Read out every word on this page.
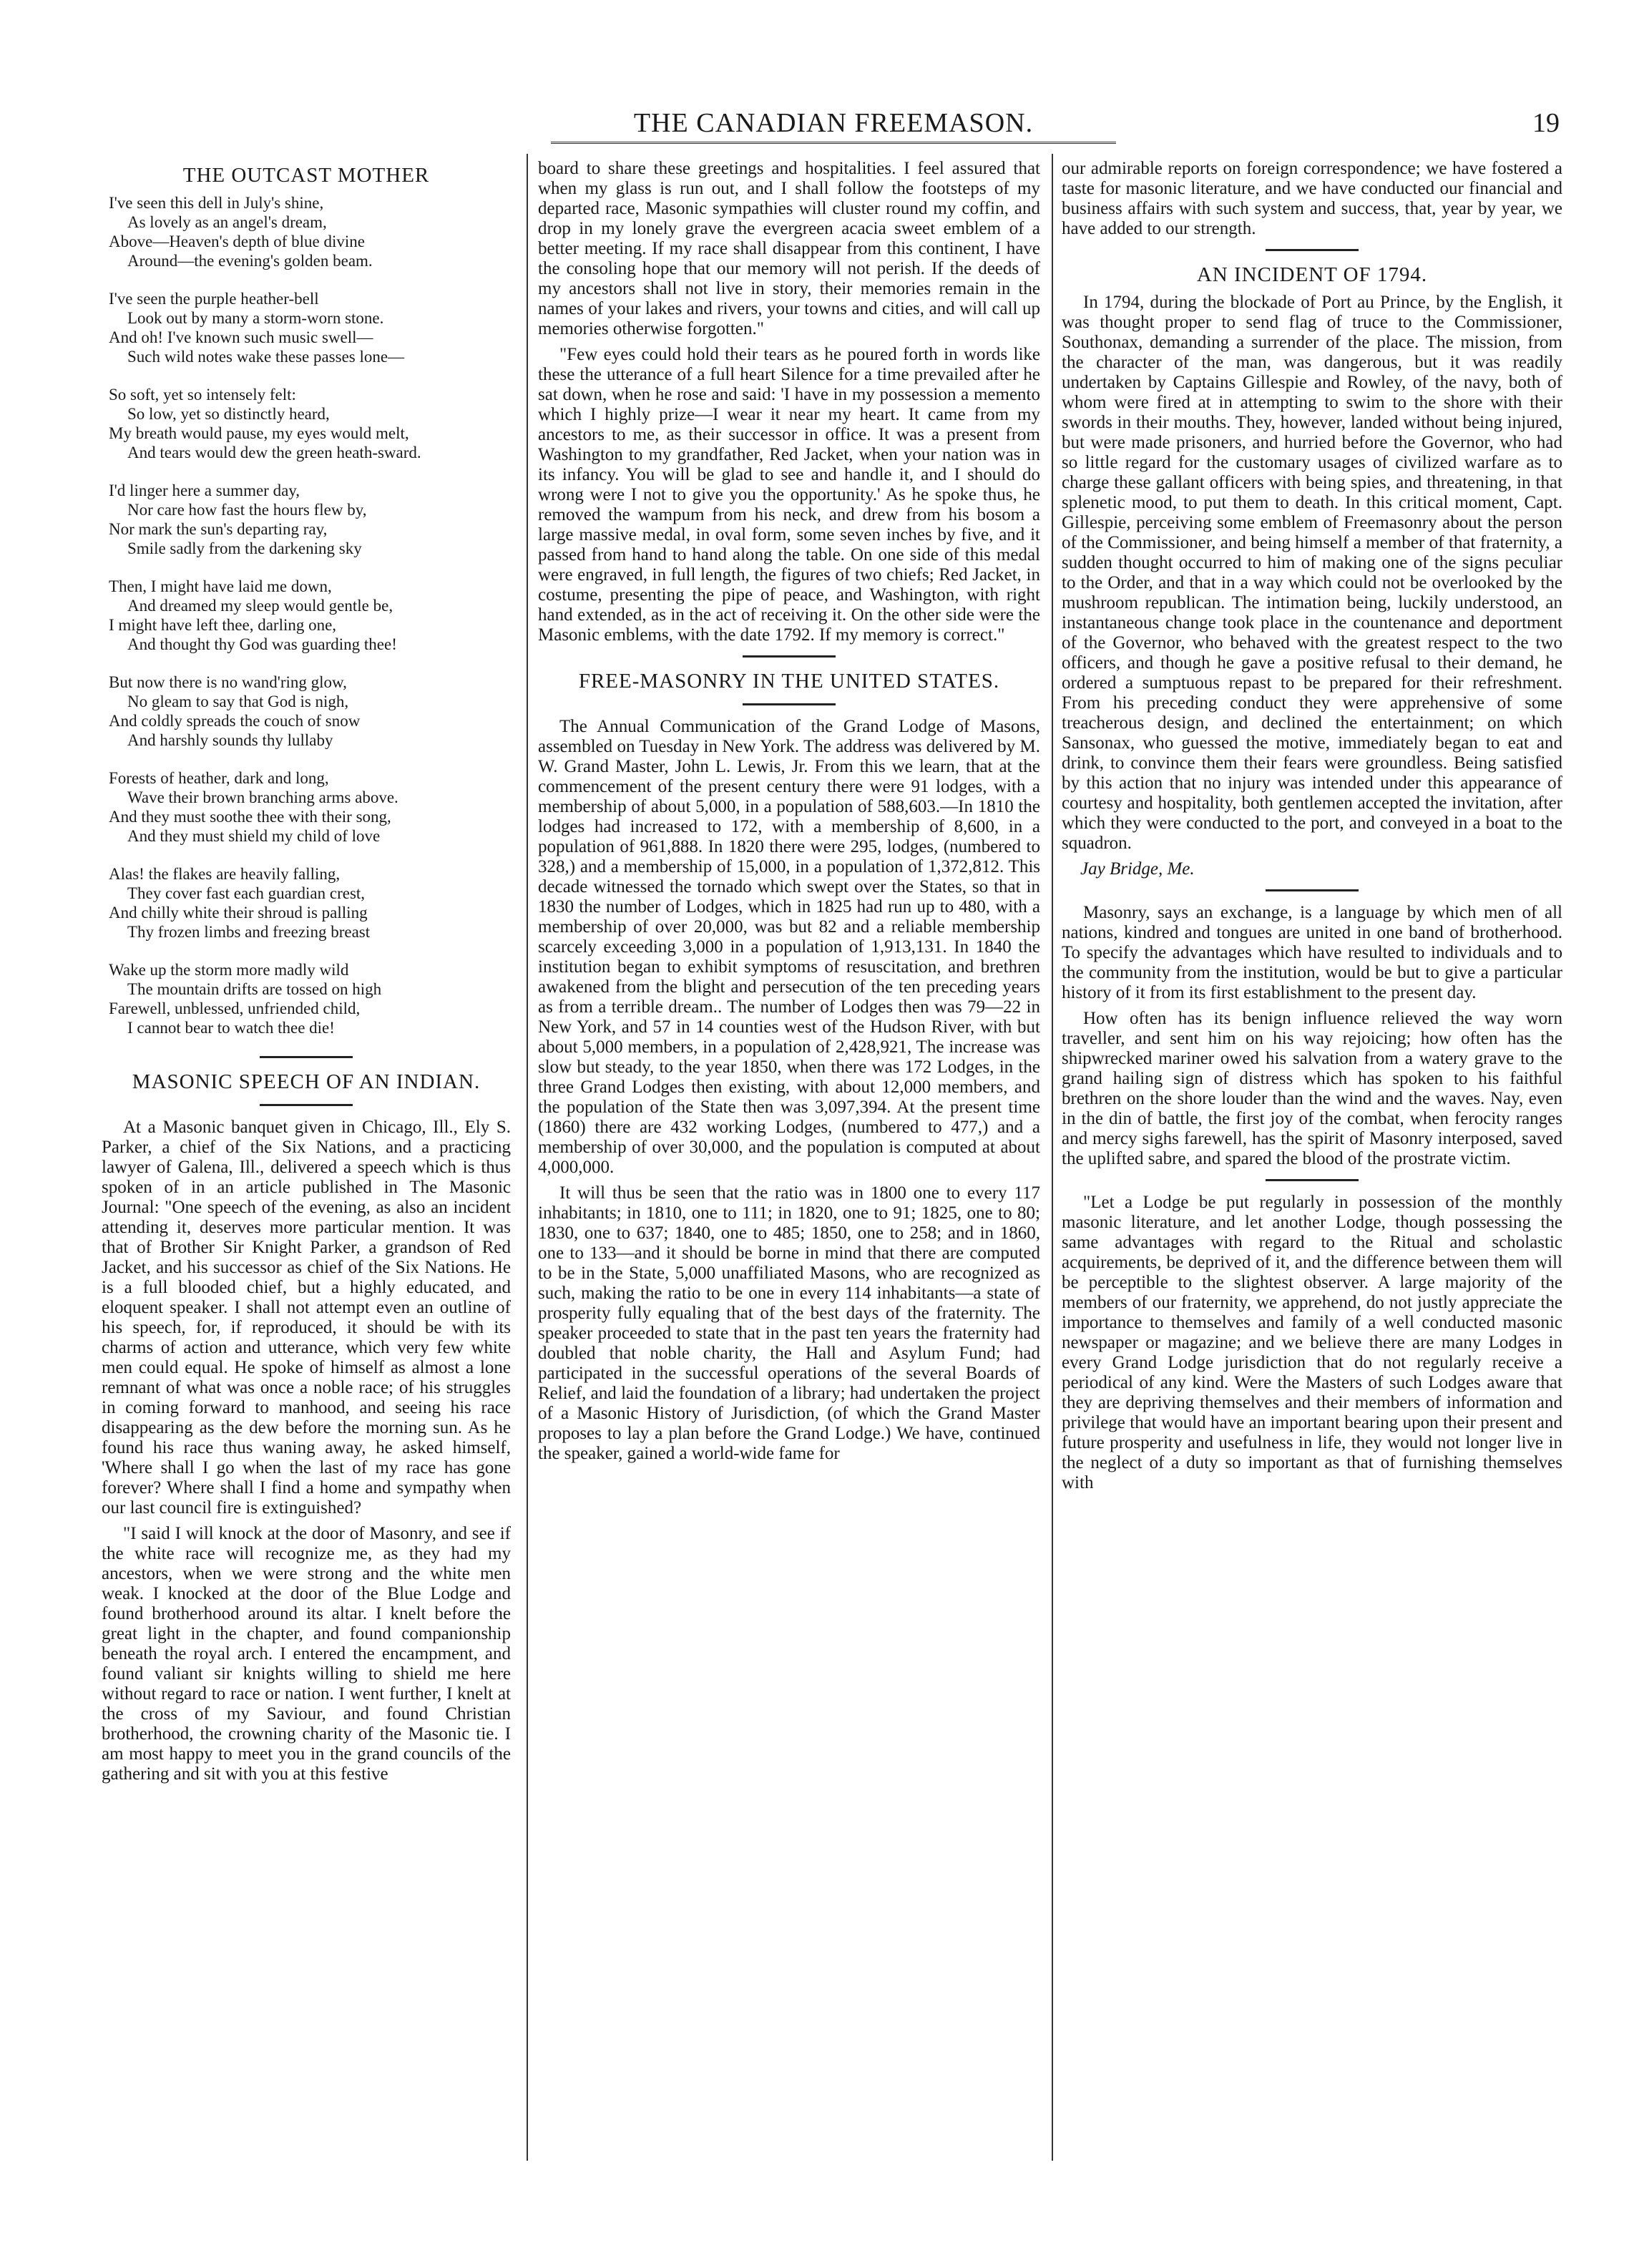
THE CANADIAN FREEMASON.	19
THE OUTCAST MOTHER
I've seen this dell in July's shine,
As lovely as an angel's dream,
Above—Heaven's depth of blue divine
Around—the evening's golden beam.
I've seen the purple heather-bell
Look out by many a storm-worn stone.
And oh! I've known such music swell—
Such wild notes wake these passes lone—
So soft, yet so intensely felt:
So low, yet so distinctly heard,
My breath would pause, my eyes would melt,
And tears would dew the green heath-sward.
I'd linger here a summer day,
Nor care how fast the hours flew by,
Nor mark the sun's departing ray,
Smile sadly from the darkening sky
Then, I might have laid me down,
And dreamed my sleep would gentle be,
I might have left thee, darling one,
And thought thy God was guarding thee!
But now there is no wand'ring glow,
No gleam to say that God is nigh,
And coldly spreads the couch of snow
And harshly sounds thy lullaby
Forests of heather, dark and long,
Wave their brown branching arms above.
And they must soothe thee with their song,
And they must shield my child of love
Alas! the flakes are heavily falling,
They cover fast each guardian crest,
And chilly white their shroud is palling
Thy frozen limbs and freezing breast
Wake up the storm more madly wild
The mountain drifts are tossed on high
Farewell, unblessed, unfriended child,
I cannot bear to watch thee die!
MASONIC SPEECH OF AN INDIAN.

At a Masonic banquet given in Chicago, Ill., Ely S. Parker, a chief of the Six Nations, and a practicing lawyer of Galena, Ill., delivered a speech which is thus spoken of in an article published in The Masonic Journal: "One speech of the evening, as also an incident attending it, deserves more particular mention. It was that of Brother Sir Knight Parker, a grandson of Red Jacket, and his successor as chief of the Six Nations. He is a full blooded chief, but a highly educated, and eloquent speaker. I shall not attempt even an outline of his speech, for, if reproduced, it should be with its charms of action and utterance, which very few white men could equal. He spoke of himself as almost a lone remnant of what was once a noble race; of his struggles in coming forward to manhood, and seeing his race disappearing as the dew before the morning sun. As he found his race thus waning away, he asked himself, 'Where shall I go when the last of my race has gone forever? Where shall I find a home and sympathy when our last council fire is extinguished?

"I said I will knock at the door of Masonry, and see if the white race will recognize me, as they had my ancestors, when we were strong and the white men weak. I knocked at the door of the Blue Lodge and found brotherhood around its altar. I knelt before the great light in the chapter, and found companionship beneath the royal arch. I entered the encampment, and found valiant sir knights willing to shield me here without regard to race or nation. I went further, I knelt at the cross of my Saviour, and found Christian brotherhood, the crowning charity of the Masonic tie. I am most happy to meet you in the grand councils of the gathering and sit with you at this festive

board to share these greetings and hospitalities. I feel assured that when my glass is run out, and I shall follow the footsteps of my departed race, Masonic sympathies will cluster round my coffin, and drop in my lonely grave the evergreen acacia sweet emblem of a better meeting. If my race shall disappear from this continent, I have the consoling hope that our memory will not perish. If the deeds of my ancestors shall not live in story, their memories remain in the names of your lakes and rivers, your towns and cities, and will call up memories otherwise forgotten."

"Few eyes could hold their tears as he poured forth in words like these the utterance of a full heart Silence for a time prevailed after he sat down, when he rose and said: 'I have in my possession a memento which I highly prize—I wear it near my heart. It came from my ancestors to me, as their successor in office. It was a present from Washington to my grandfather, Red Jacket, when your nation was in its infancy. You will be glad to see and handle it, and I should do wrong were I not to give you the opportunity.' As he spoke thus, he removed the wampum from his neck, and drew from his bosom a large massive medal, in oval form, some seven inches by five, and it passed from hand to hand along the table. On one side of this medal were engraved, in full length, the figures of two chiefs; Red Jacket, in costume, presenting the pipe of peace, and Washington, with right hand extended, as in the act of receiving it. On the other side were the Masonic emblems, with the date 1792. If my memory is correct."

FREE-MASONRY IN THE UNITED STATES.

The Annual Communication of the Grand Lodge of Masons, assembled on Tuesday in New York. The address was delivered by M. W. Grand Master, John L. Lewis, Jr. From this we learn, that at the commencement of the present century there were 91 lodges, with a membership of about 5,000, in a population of 588,603.—In 1810 the lodges had increased to 172, with a membership of 8,600, in a population of 961,888. In 1820 there were 295, lodges, (numbered to 328,) and a membership of 15,000, in a population of 1,372,812. This decade witnessed the tornado which swept over the States, so that in 1830 the number of Lodges, which in 1825 had run up to 480, with a membership of over 20,000, was but 82 and a reliable membership scarcely exceeding 3,000 in a population of 1,913,131. In 1840 the institution began to exhibit symptoms of resuscitation, and brethren awakened from the blight and persecution of the ten preceding years as from a terrible dream.. The number of Lodges then was 79—22 in New York, and 57 in 14 counties west of the Hudson River, with but about 5,000 members, in a population of 2,428,921, The increase was slow but steady, to the year 1850, when there was 172 Lodges, in the three Grand Lodges then existing, with about 12,000 members, and the population of the State then was 3,097,394. At the present time (1860) there are 432 working Lodges, (numbered to 477,) and a membership of over 30,000, and the population is computed at about 4,000,000.

It will thus be seen that the ratio was in 1800 one to every 117 inhabitants; in 1810, one to 111; in 1820, one to 91; 1825, one to 80; 1830, one to 637; 1840, one to 485; 1850, one to 258; and in 1860, one to 133—and it should be borne in mind that there are computed to be in the State, 5,000 unaffiliated Masons, who are recognized as such, making the ratio to be one in every 114 inhabitants—a state of prosperity fully equaling that of the best days of the fraternity. The speaker proceeded to state that in the past ten years the fraternity had doubled that noble charity, the Hall and Asylum Fund; had participated in the successful operations of the several Boards of Relief, and laid the foundation of a library; had undertaken the project of a Masonic History of Jurisdiction, (of which the Grand Master proposes to lay a plan before the Grand Lodge.) We have, continued the speaker, gained a world-wide fame for

our admirable reports on foreign correspondence; we have fostered a taste for masonic literature, and we have conducted our financial and business affairs with such system and success, that, year by year, we have added to our strength.

AN INCIDENT OF 1794.

In 1794, during the blockade of Port au Prince, by the English, it was thought proper to send flag of truce to the Commissioner, Southonax, demanding a surrender of the place. The mission, from the character of the man, was dangerous, but it was readily undertaken by Captains Gillespie and Rowley, of the navy, both of whom were fired at in attempting to swim to the shore with their swords in their mouths. They, however, landed without being injured, but were made prisoners, and hurried before the Governor, who had so little regard for the customary usages of civilized warfare as to charge these gallant officers with being spies, and threatening, in that splenetic mood, to put them to death. In this critical moment, Capt. Gillespie, perceiving some emblem of Freemasonry about the person of the Commissioner, and being himself a member of that fraternity, a sudden thought occurred to him of making one of the signs peculiar to the Order, and that in a way which could not be overlooked by the mushroom republican. The intimation being, luckily understood, an instantaneous change took place in the countenance and deportment of the Governor, who behaved with the greatest respect to the two officers, and though he gave a positive refusal to their demand, he ordered a sumptuous repast to be prepared for their refreshment. From his preceding conduct they were apprehensive of some treacherous design, and declined the entertainment; on which Sansonax, who guessed the motive, immediately began to eat and drink, to convince them their fears were groundless. Being satisfied by this action that no injury was intended under this appearance of courtesy and hospitality, both gentlemen accepted the invitation, after which they were conducted to the port, and conveyed in a boat to the squadron.

Jay Bridge, Me.

Masonry, says an exchange, is a language by which men of all nations, kindred and tongues are united in one band of brotherhood. To specify the advantages which have resulted to individuals and to the community from the institution, would be but to give a particular history of it from its first establishment to the present day.

How often has its benign influence relieved the way worn traveller, and sent him on his way rejoicing; how often has the shipwrecked mariner owed his salvation from a watery grave to the grand hailing sign of distress which has spoken to his faithful brethren on the shore louder than the wind and the waves. Nay, even in the din of battle, the first joy of the combat, when ferocity ranges and mercy sighs farewell, has the spirit of Masonry interposed, saved the uplifted sabre, and spared the blood of the prostrate victim.

"Let a Lodge be put regularly in possession of the monthly masonic literature, and let another Lodge, though possessing the same advantages with regard to the Ritual and scholastic acquirements, be deprived of it, and the difference between them will be perceptible to the slightest observer. A large majority of the members of our fraternity, we apprehend, do not justly appreciate the importance to themselves and family of a well conducted masonic newspaper or magazine; and we believe there are many Lodges in every Grand Lodge jurisdiction that do not regularly receive a periodical of any kind. Were the Masters of such Lodges aware that they are depriving themselves and their members of information and privilege that would have an important bearing upon their present and future prosperity and usefulness in life, they would not longer live in the neglect of a duty so important as that of furnishing themselves with
